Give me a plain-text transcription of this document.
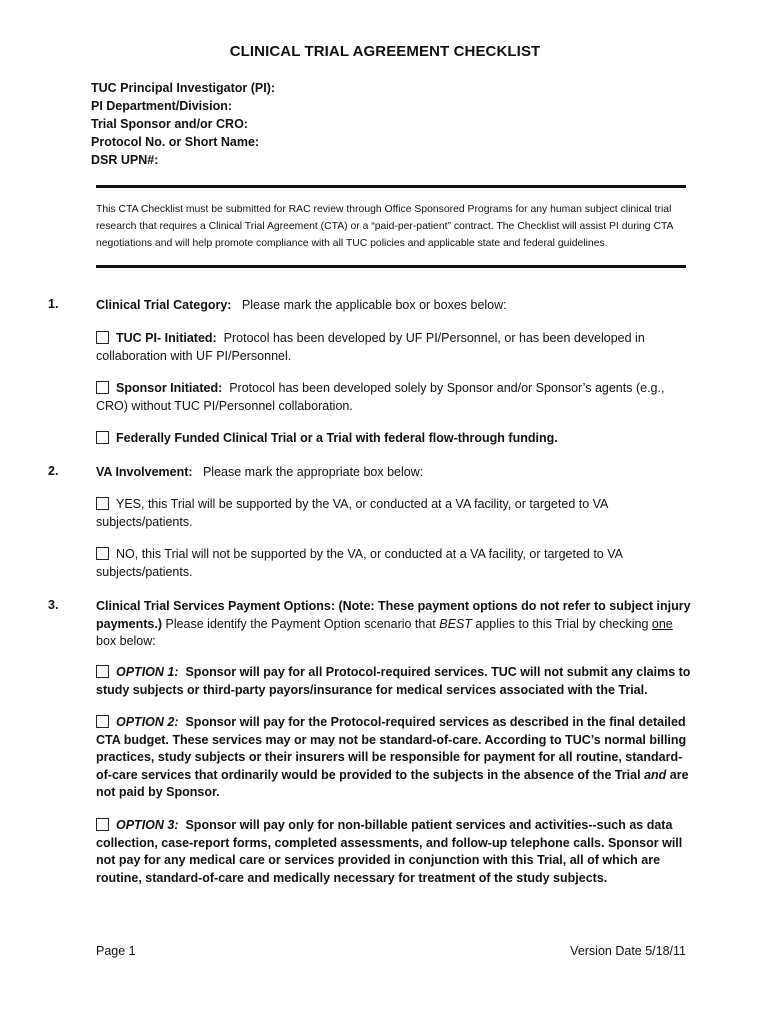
CLINICAL TRIAL AGREEMENT CHECKLIST
TUC Principal Investigator (PI):
PI Department/Division:
Trial Sponsor and/or CRO:
Protocol No. or Short Name:
DSR UPN#:
This CTA Checklist must be submitted for RAC review through Office Sponsored Programs for any human subject clinical trial research that requires a Clinical Trial Agreement (CTA) or a “paid-per-patient” contract. The Checklist will assist PI during CTA negotiations and will help promote compliance with all TUC policies and applicable state and federal guidelines.
1.	Clinical Trial Category: Please mark the applicable box or boxes below:
TUC PI- Initiated: Protocol has been developed by UF PI/Personnel, or has been developed in collaboration with UF PI/Personnel.
Sponsor Initiated: Protocol has been developed solely by Sponsor and/or Sponsor’s agents (e.g., CRO) without TUC PI/Personnel collaboration.
Federally Funded Clinical Trial or a Trial with federal flow-through funding.
2.	VA Involvement: Please mark the appropriate box below:
YES, this Trial will be supported by the VA, or conducted at a VA facility, or targeted to VA subjects/patients.
NO, this Trial will not be supported by the VA, or conducted at a VA facility, or targeted to VA subjects/patients.
3.	Clinical Trial Services Payment Options: (Note: These payment options do not refer to subject injury payments.) Please identify the Payment Option scenario that BEST applies to this Trial by checking one box below:
OPTION 1: Sponsor will pay for all Protocol-required services. TUC will not submit any claims to study subjects or third-party payors/insurance for medical services associated with the Trial.
OPTION 2: Sponsor will pay for the Protocol-required services as described in the final detailed CTA budget. These services may or may not be standard-of-care. According to TUC’s normal billing practices, study subjects or their insurers will be responsible for payment for all routine, standard-of-care services that ordinarily would be provided to the subjects in the absence of the Trial and are not paid by Sponsor.
OPTION 3: Sponsor will pay only for non-billable patient services and activities--such as data collection, case-report forms, completed assessments, and follow-up telephone calls. Sponsor will not pay for any medical care or services provided in conjunction with this Trial, all of which are routine, standard-of-care and medically necessary for treatment of the study subjects.
Page 1	Version Date 5/18/11
